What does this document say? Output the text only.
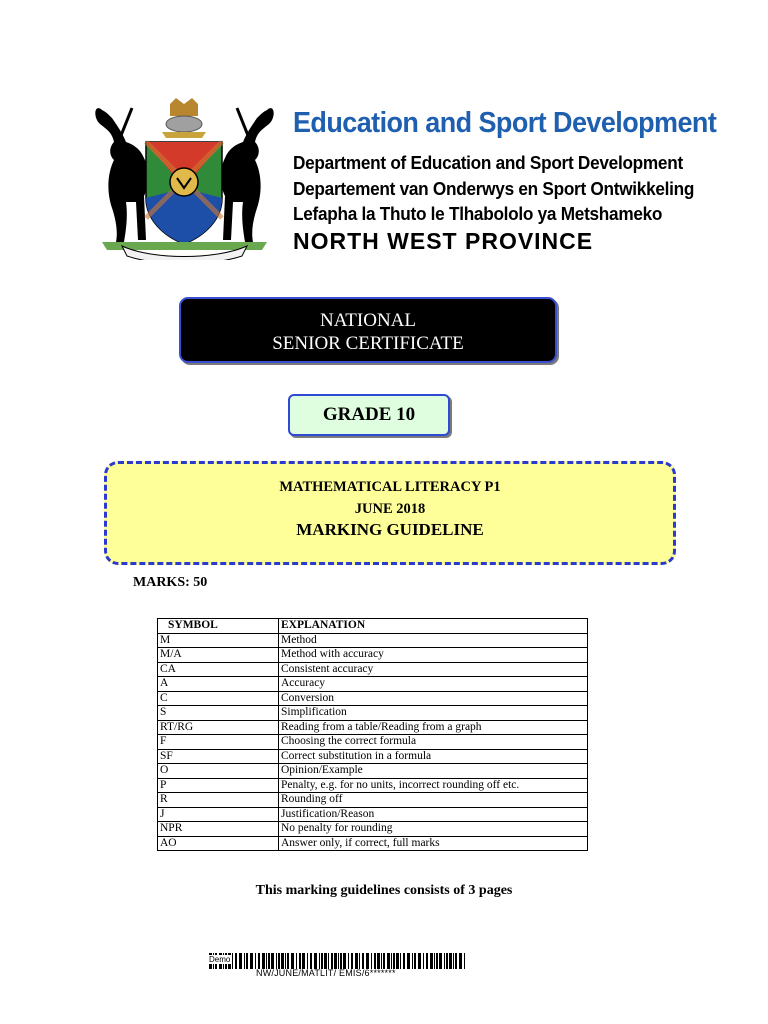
Education and Sport Development
Department of Education and Sport Development
Departement van Onderwys en Sport Ontwikkeling
Lefapha la Thuto le Tlhabololo ya Metshameko
NORTH WEST PROVINCE
NATIONAL
SENIOR CERTIFICATE
GRADE 10
MATHEMATICAL LITERACY P1
JUNE 2018
MARKING GUIDELINE
MARKS: 50
SYMBOL	EXPLANATION
M	Method
M/A	Method with accuracy
CA	Consistent accuracy
A	Accuracy
C	Conversion
S	Simplification
RT/RG	Reading from a table/Reading from a graph
F	Choosing the correct formula
SF	Correct substitution in a formula
O	Opinion/Example
P	Penalty, e.g. for no units, incorrect rounding off etc.
R	Rounding off
J	Justification/Reason
NPR	No penalty for rounding
AO	Answer only, if correct, full marks
This marking guidelines consists of 3 pages
Demo
NW/JUNE/MATLIT/ EMIS/6*******
